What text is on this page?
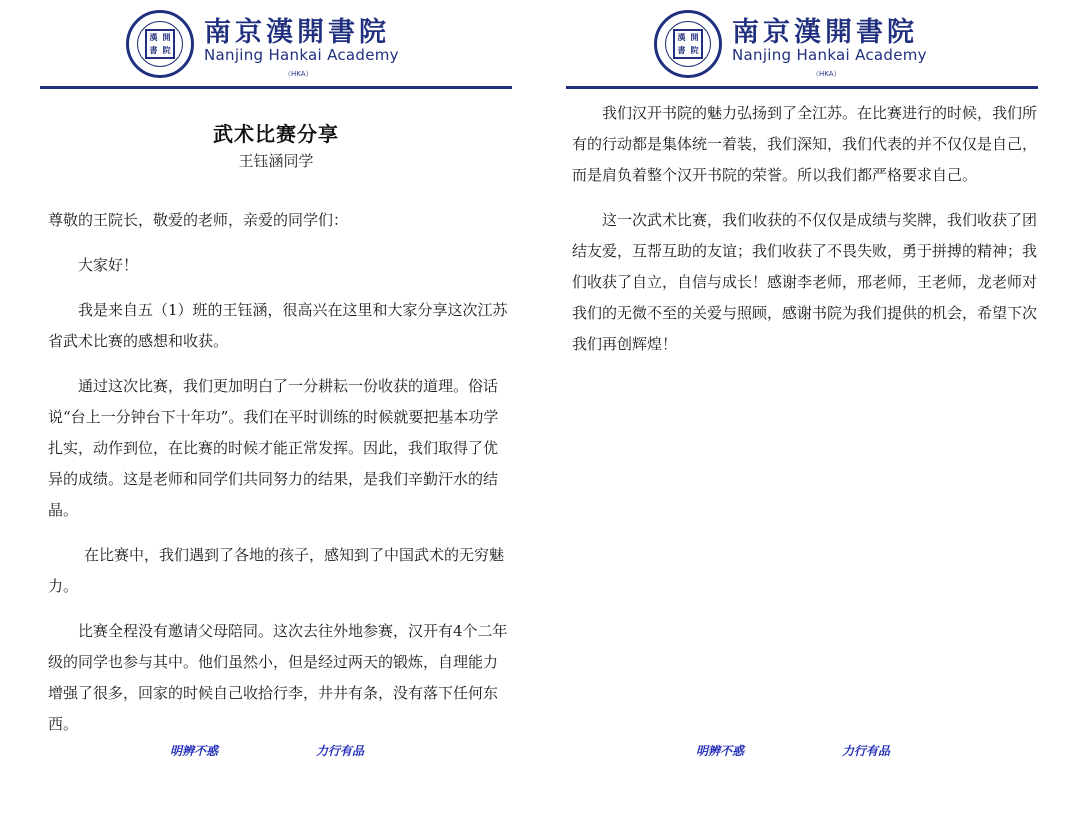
漢 開
書 院
南京漢開書院
Nanjing Hankai Academy
（HKA）
武术比赛分享
王钰涵同学

尊敬的王院长，敬爱的老师，亲爱的同学们：

大家好！

我是来自五（1）班的王钰涵，很高兴在这里和大家分享这次江苏省武术比赛的感想和收获。

通过这次比赛，我们更加明白了一分耕耘一份收获的道理。俗话说“台上一分钟台下十年功”。我们在平时训练的时候就要把基本功学扎实，动作到位，在比赛的时候才能正常发挥。因此，我们取得了优异的成绩。这是老师和同学们共同努力的结果，是我们辛勤汗水的结晶。

在比赛中，我们遇到了各地的孩子，感知到了中国武术的无穷魅力。

比赛全程没有邀请父母陪同。这次去往外地参赛，汉开有4个二年级的同学也参与其中。他们虽然小，但是经过两天的锻炼，自理能力增强了很多，回家的时候自己收拾行李，井井有条，没有落下任何东西。

明辨不惑	力行有品
漢 開
書 院
南京漢開書院
Nanjing Hankai Academy
（HKA）

我们汉开书院的魅力弘扬到了全江苏。在比赛进行的时候，我们所有的行动都是集体统一着装，我们深知，我们代表的并不仅仅是自己，而是肩负着整个汉开书院的荣誉。所以我们都严格要求自己。

这一次武术比赛，我们收获的不仅仅是成绩与奖牌，我们收获了团结友爱，互帮互助的友谊；我们收获了不畏失败，勇于拼搏的精神；我们收获了自立，自信与成长！感谢李老师，邢老师，王老师，龙老师对我们的无微不至的关爱与照顾，感谢书院为我们提供的机会，希望下次我们再创辉煌！

明辨不惑	力行有品
